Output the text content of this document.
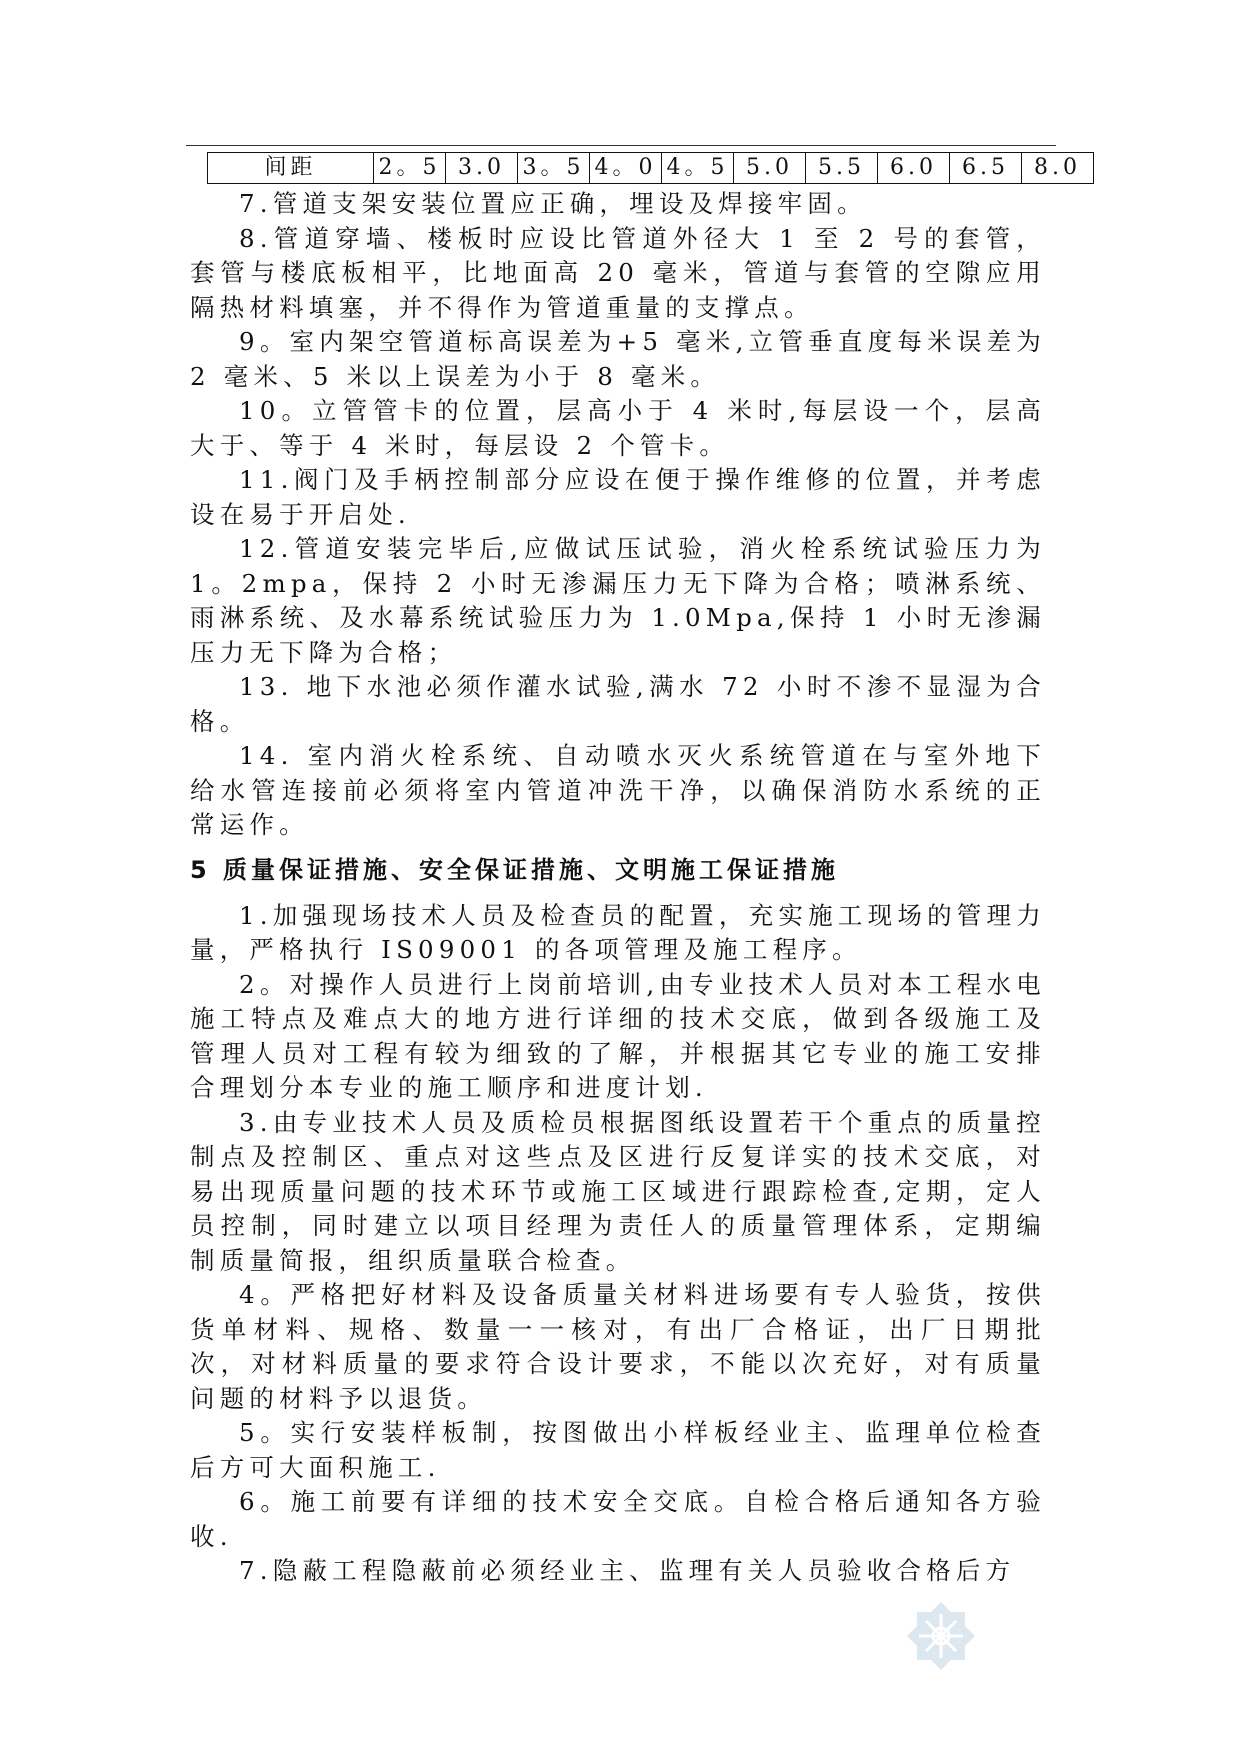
间距	2。5	3.0	3。5	4。0	4。5	5.0	5.5	6.0	6.5	8.0

7.管道支架安装位置应正确，埋设及焊接牢固。

8.管道穿墙、楼板时应设比管道外径大 1 至 2 号的套管，套管与楼底板相平，比地面高 20 毫米，管道与套管的空隙应用隔热材料填塞，并不得作为管道重量的支撑点。

9。室内架空管道标高误差为+5 毫米,立管垂直度每米误差为 2 毫米、5 米以上误差为小于 8 毫米。

10。立管管卡的位置，层高小于 4 米时,每层设一个，层高大于、等于 4 米时，每层设 2 个管卡。

11.阀门及手柄控制部分应设在便于操作维修的位置，并考虑设在易于开启处.

12.管道安装完毕后,应做试压试验，消火栓系统试验压力为 1。2mpa，保持 2 小时无渗漏压力无下降为合格；喷淋系统、雨淋系统、及水幕系统试验压力为 1.0Mpa,保持 1 小时无渗漏压力无下降为合格；

13. 地下水池必须作灌水试验,满水 72 小时不渗不显湿为合格。

14. 室内消火栓系统、自动喷水灭火系统管道在与室外地下给水管连接前必须将室内管道冲洗干净，以确保消防水系统的正常运作。

5 质量保证措施、安全保证措施、文明施工保证措施

1.加强现场技术人员及检查员的配置，充实施工现场的管理力量，严格执行 IS09001 的各项管理及施工程序。

2。对操作人员进行上岗前培训,由专业技术人员对本工程水电施工特点及难点大的地方进行详细的技术交底，做到各级施工及管理人员对工程有较为细致的了解，并根据其它专业的施工安排合理划分本专业的施工顺序和进度计划.

3.由专业技术人员及质检员根据图纸设置若干个重点的质量控制点及控制区、重点对这些点及区进行反复详实的技术交底，对易出现质量问题的技术环节或施工区域进行跟踪检查,定期，定人员控制，同时建立以项目经理为责任人的质量管理体系，定期编制质量简报，组织质量联合检查。

4。严格把好材料及设备质量关材料进场要有专人验货，按供货单材料、规格、数量一一核对，有出厂合格证，出厂日期批次，对材料质量的要求符合设计要求，不能以次充好，对有质量问题的材料予以退货。

5。实行安装样板制，按图做出小样板经业主、监理单位检查后方可大面积施工.

6。施工前要有详细的技术安全交底。自检合格后通知各方验收.

7.隐蔽工程隐蔽前必须经业主、监理有关人员验收合格后方
